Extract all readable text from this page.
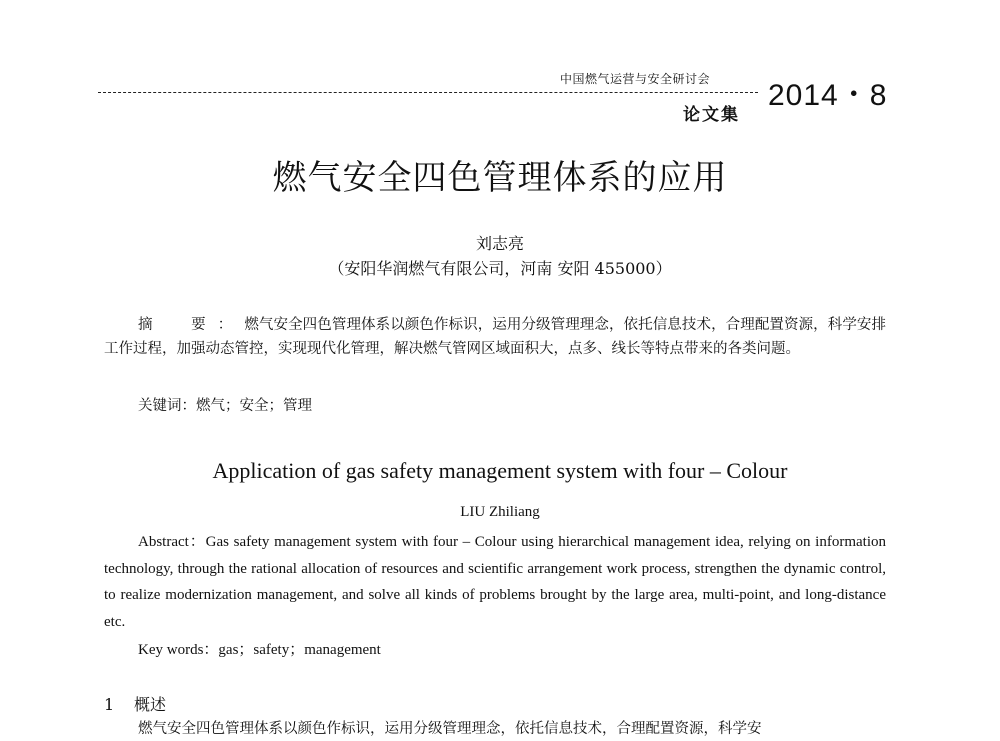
中国燃气运营与安全研讨会
论文集
2014・8
燃气安全四色管理体系的应用
刘志亮
（安阳华润燃气有限公司，河南 安阳 455000）
摘　要：燃气安全四色管理体系以颜色作标识，运用分级管理理念，依托信息技术，合理配置资源，科学安排工作过程，加强动态管控，实现现代化管理，解决燃气管网区域面积大，点多、线长等特点带来的各类问题。
关键词：燃气；安全；管理
Application of gas safety management system with four – Colour
LIU Zhiliang
Abstract：Gas safety management system with four – Colour using hierarchical management idea, relying on information technology, through the rational allocation of resources and scientific arrangement work process, strengthen the dynamic control, to realize modernization management, and solve all kinds of problems brought by the large area, multi-point, and long-distance etc.
Key words：gas；safety；management
1 概述
燃气安全四色管理体系以颜色作标识，运用分级管理理念，依托信息技术，合理配置资源，科学安
